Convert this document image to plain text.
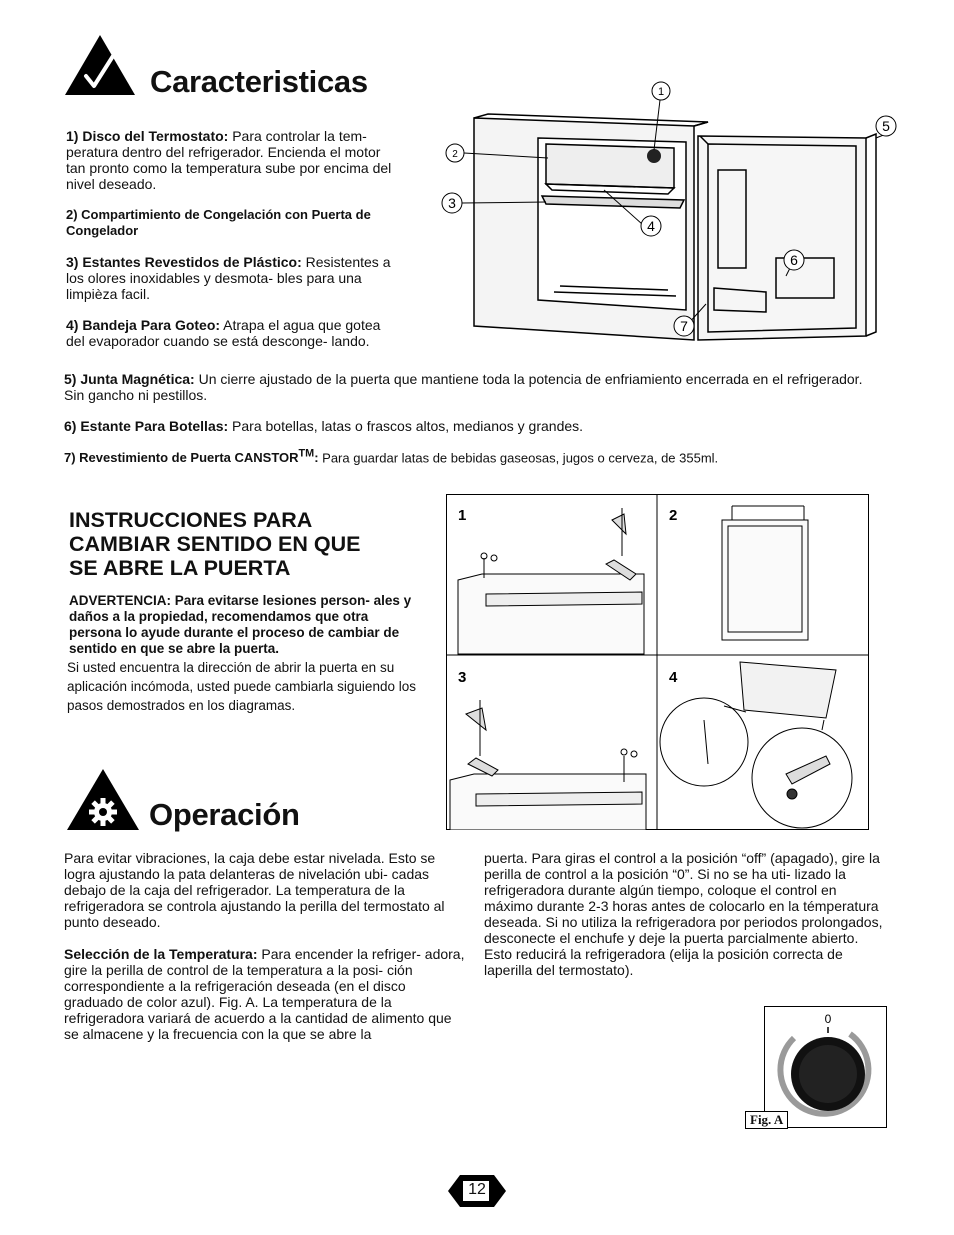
Caracteristicas

1) Disco del Termostato: Para controlar la tem- peratura dentro del refrigerador. Encienda el motor tan pronto como la temperatura sube por encima del nivel deseado.

2) Compartimiento de Congelación con Puerta de Congelador

3) Estantes Revestidos de Plástico: Resistentes a los olores inoxidables y desmota- bles para una limpièza facil.

4) Bandeja Para Goteo: Atrapa el agua que gotea del evaporador cuando se está desconge- lando.

5) Junta Magnética: Un cierre ajustado de la puerta que mantiene toda la potencia de enfriamiento encerrada en el refrigerador. Sin gancho ni pestillos.

6) Estante Para Botellas: Para botellas, latas o frascos altos, medianos y grandes.

7) Revestimiento de Puerta CANSTOR™: Para guardar latas de bebidas gaseosas, jugos o cerveza, de 355ml.

1
2
3
4
5
6
7

INSTRUCCIONES PARA

CAMBIAR SENTIDO EN QUE

SE ABRE LA PUERTA

ADVERTENCIA: Para evitarse lesiones person- ales y daños a la propiedad, recomendamos que otra persona lo ayude durante el proceso de cambiar de sentido en que se abre la puerta.

Si usted encuentra la dirección de abrir la puerta en su aplicación incómoda, usted puede cambiarla siguiendo los pasos demostrados en los diagramas.

1	2
3	4
Operación

Para evitar vibraciones, la caja debe estar nivelada. Esto se logra ajustando la pata delanteras de nivelación ubi- cadas debajo de la caja del refrigerador. La temperatura de la refrigeradora se controla ajustando la perilla del termostato al punto deseado.

Selección de la Temperatura: Para encender la refriger- adora, gire la perilla de control de la temperatura a la posi- ción correspondiente a la refrigeración deseada (en el disco graduado de color azul). Fig. A. La temperatura de la refrigeradora variará de acuerdo a la cantidad de alimento que se almacene y la frecuencia con la que se abre la

puerta. Para giras el control a la posición “off” (apagado), gire la perilla de control a la posición “0”. Si no se ha uti- lizado la refrigeradora durante algún tiempo, coloque el control en máximo durante 2-3 horas antes de colocarlo en la témperatura deseada. Si no utiliza la refrigeradora por periodos prolongados, desconecte el enchufe y deje la puerta parcialmente abierto. Esto reducirá la refrigeradora (elija la posición correcta de laperilla del termostato).

0
Fig. A
12
